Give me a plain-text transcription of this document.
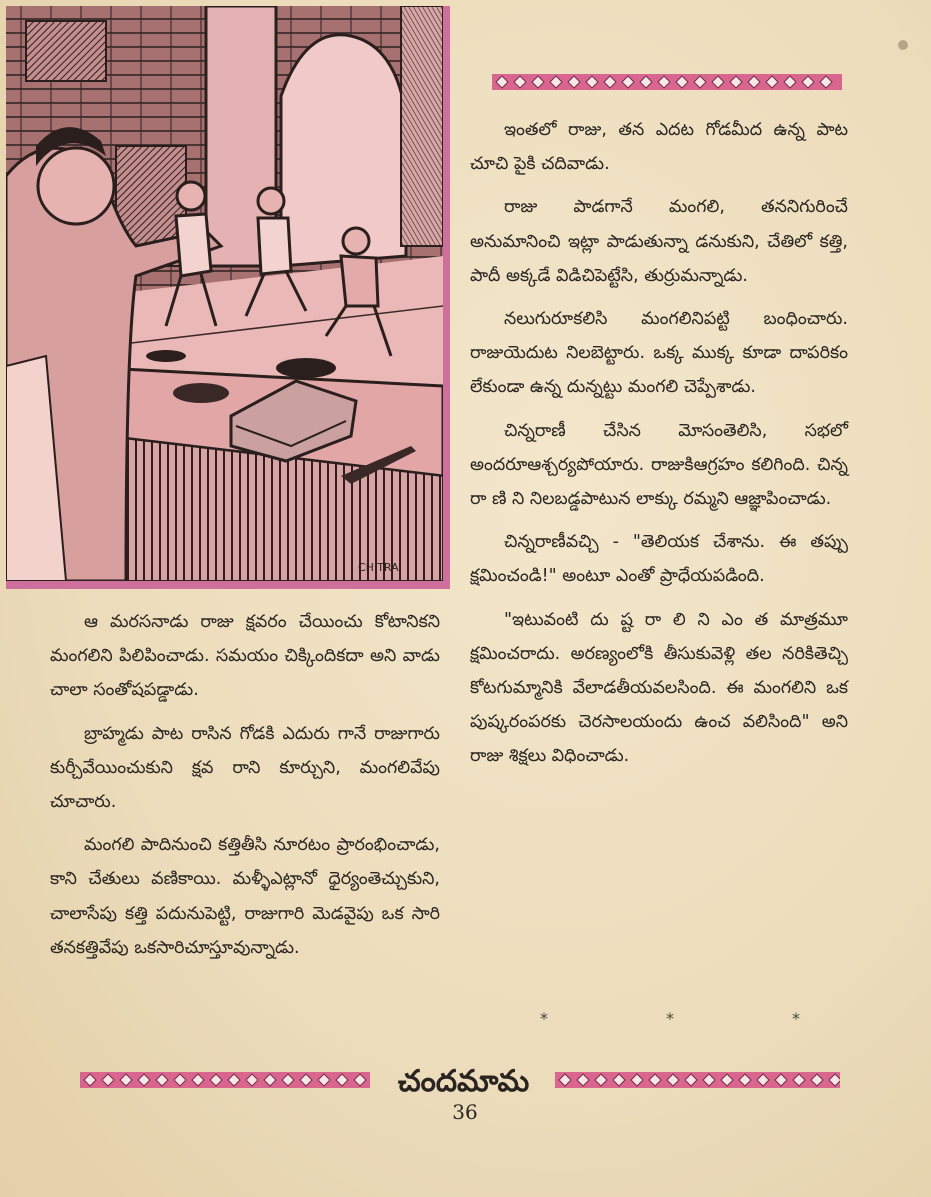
CHITRA

ఇంతలో రాజు, తన ఎదట గోడమీద ఉన్న పాట చూచి పైకి చదివాడు.

రాజు పాడగానే మంగలి, తననిగురించే అనుమానించి ఇట్లా పాడుతున్నా డనుకుని, చేతిలో కత్తి, పాదీ అక్కడే విడిచిపెట్టేసి, తుర్రుమన్నాడు.

నలుగురూకలిసి మంగలినిపట్టి బంధించారు. రాజుయెదుట నిలబెట్టారు. ఒక్క ముక్క కూడా దాపరికం లేకుండా ఉన్న దున్నట్టు మంగలి చెప్పేశాడు.

చిన్నరాణీ చేసిన మోసంతెలిసి, సభలో అందరూఆశ్చర్యపోయారు. రాజుకిఆగ్రహం కలిగింది. చిన్న రా ణి ని నిలబడ్డపాటున లాక్కు రమ్మని ఆజ్ఞాపించాడు.

చిన్నరాణీవచ్చి - "తెలియక చేశాను. ఈ తప్పు క్షమించండి!" అంటూ ఎంతో ప్రాధేయపడింది.

"ఇటువంటి దు ష్ట రా లి ని ఎం త మాత్రమూ క్షమించరాదు. అరణ్యంలోకి తీసుకువెళ్లి తల నరికితెచ్చి కోటగుమ్మానికి వేలాడతీయవలసింది. ఈ మంగలిని ఒక పుష్కరంపరకు చెరసాలయందు ఉంచ వలిసింది" అని రాజు శిక్షలు విధించాడు.

*	*	*

ఆ మరసనాడు రాజు క్షవరం చేయించు కోటానికని మంగలిని పిలిపించాడు. సమయం చిక్కిందికదా అని వాడు చాలా సంతోషపడ్డాడు.

బ్రాహ్మడు పాట రాసిన గోడకి ఎదురు గానే రాజుగారు కుర్చీవేయించుకుని క్షవ రాని కూర్చుని, మంగలివేపు చూచారు.

మంగలి పాదినుంచి కత్తితీసి నూరటం ప్రారంభించాడు, కాని చేతులు వణికాయి. మళ్ళీఎట్లానో ధైర్యంతెచ్చుకుని, చాలాసేపు కత్తి పదునుపెట్టి, రాజుగారి మెడవైపు ఒక సారి తనకత్తివేపు ఒకసారిచూస్తూవున్నాడు.

చందమామ
36
